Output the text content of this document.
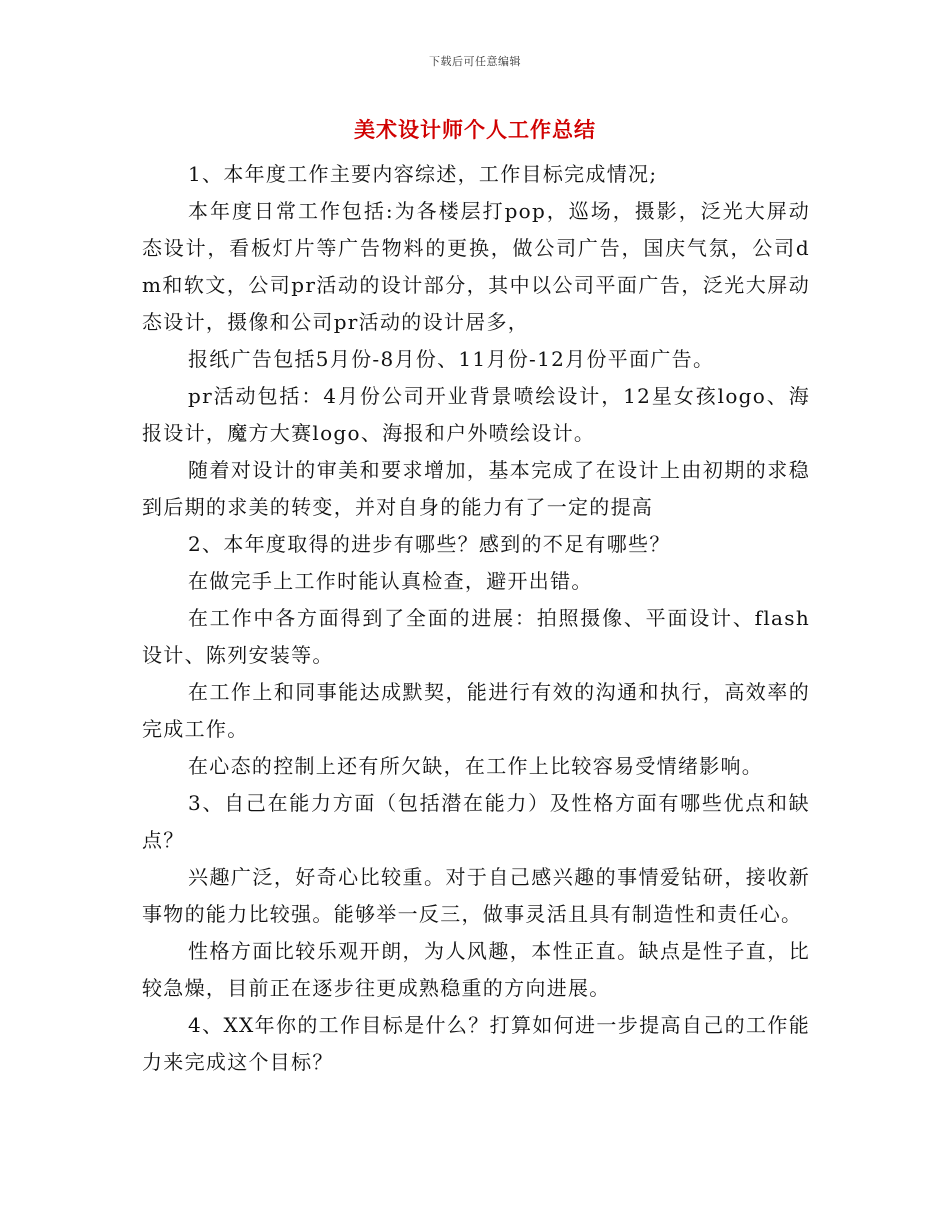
下载后可任意编辑
美术设计师个人工作总结

1、本年度工作主要内容综述，工作目标完成情况;

本年度日常工作包括:为各楼层打pop，巡场，摄影，泛光大屏动态设计，看板灯片等广告物料的更换，做公司广告，国庆气氛，公司dm和软文，公司pr活动的设计部分，其中以公司平面广告，泛光大屏动态设计，摄像和公司pr活动的设计居多，

报纸广告包括5月份-8月份、11月份-12月份平面广告。

pr活动包括：4月份公司开业背景喷绘设计，12星女孩logo、海报设计，魔方大赛logo、海报和户外喷绘设计。

随着对设计的审美和要求增加，基本完成了在设计上由初期的求稳到后期的求美的转变，并对自身的能力有了一定的提高

2、本年度取得的进步有哪些？感到的不足有哪些？

在做完手上工作时能认真检查，避开出错。

在工作中各方面得到了全面的进展：拍照摄像、平面设计、flash设计、陈列安装等。

在工作上和同事能达成默契，能进行有效的沟通和执行，高效率的完成工作。

在心态的控制上还有所欠缺，在工作上比较容易受情绪影响。

3、自己在能力方面（包括潜在能力）及性格方面有哪些优点和缺点？

兴趣广泛，好奇心比较重。对于自己感兴趣的事情爱钻研，接收新事物的能力比较强。能够举一反三，做事灵活且具有制造性和责任心。

性格方面比较乐观开朗，为人风趣，本性正直。缺点是性子直，比较急燥，目前正在逐步往更成熟稳重的方向进展。

4、XX年你的工作目标是什么？打算如何进一步提高自己的工作能力来完成这个目标？
